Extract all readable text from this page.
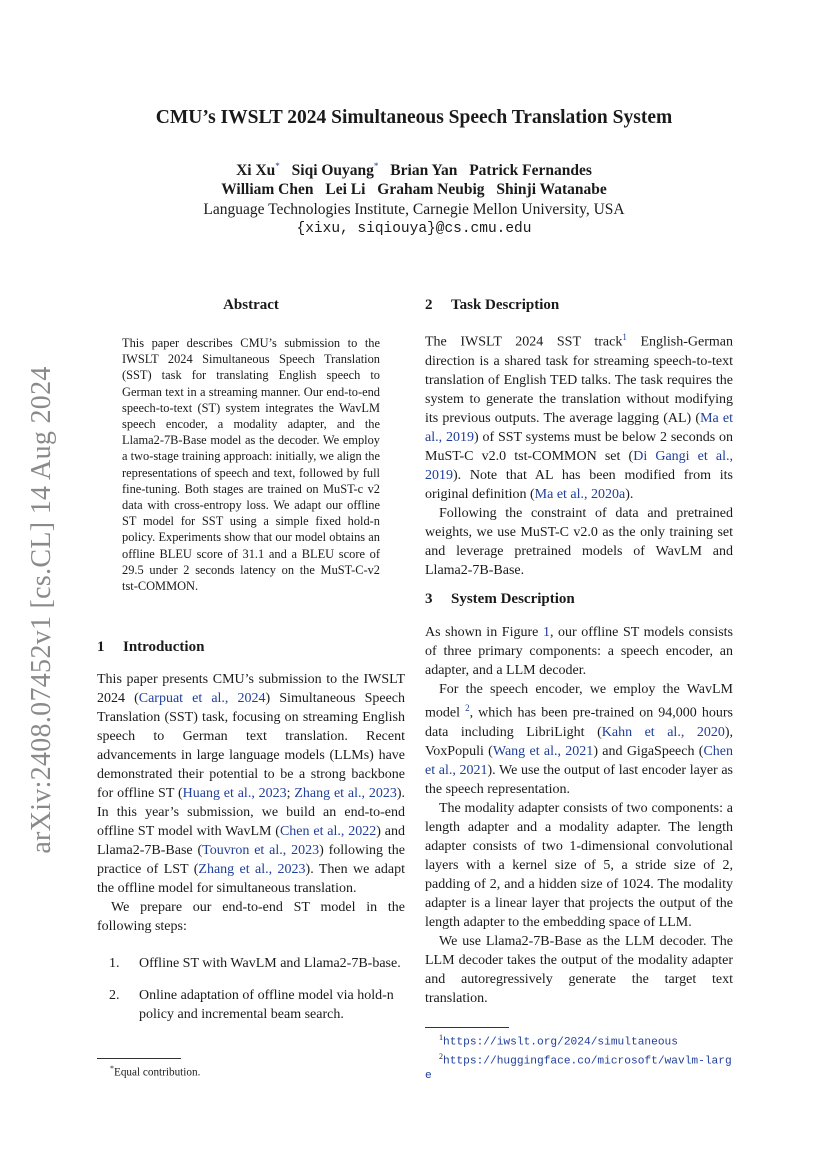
arXiv:2408.07452v1 [cs.CL] 14 Aug 2024
CMU’s IWSLT 2024 Simultaneous Speech Translation System
Xi Xu* Siqi Ouyang* Brian Yan Patrick Fernandes
William Chen Lei Li Graham Neubig Shinji Watanabe
Language Technologies Institute, Carnegie Mellon University, USA
{xixu, siqiouya}@cs.cmu.edu
Abstract
This paper describes CMU’s submission to the IWSLT 2024 Simultaneous Speech Translation (SST) task for translating English speech to German text in a streaming manner. Our end-to-end speech-to-text (ST) system integrates the WavLM speech encoder, a modality adapter, and the Llama2-7B-Base model as the decoder. We employ a two-stage training approach: initially, we align the representations of speech and text, followed by full fine-tuning. Both stages are trained on MuST-c v2 data with cross-entropy loss. We adapt our offline ST model for SST using a simple fixed hold-n policy. Experiments show that our model obtains an offline BLEU score of 31.1 and a BLEU score of 29.5 under 2 seconds latency on the MuST-C-v2 tst-COMMON.
1 Introduction

This paper presents CMU’s submission to the IWSLT 2024 (Carpuat et al., 2024) Simultaneous Speech Translation (SST) task, focusing on streaming English speech to German text translation. Recent advancements in large language models (LLMs) have demonstrated their potential to be a strong backbone for offline ST (Huang et al., 2023; Zhang et al., 2023). In this year’s submission, we build an end-to-end offline ST model with WavLM (Chen et al., 2022) and Llama2-7B-Base (Touvron et al., 2023) following the practice of LST (Zhang et al., 2023). Then we adapt the offline model for simultaneous translation.

We prepare our end-to-end ST model in the following steps:

1.	Offline ST with WavLM and Llama2-7B-base.
2.	Online adaptation of offline model via hold-n policy and incremental beam search.
*Equal contribution.
2 Task Description

The IWSLT 2024 SST track$^1$ English-German direction is a shared task for streaming speech-to-text translation of English TED talks. The task requires the system to generate the translation without modifying its previous outputs. The average lagging (AL) (Ma et al., 2019) of SST systems must be below 2 seconds on MuST-C v2.0 tst-COMMON set (Di Gangi et al., 2019). Note that AL has been modified from its original definition (Ma et al., 2020a).

Following the constraint of data and pretrained weights, we use MuST-C v2.0 as the only training set and leverage pretrained models of WavLM and Llama2-7B-Base.

3 System Description

As shown in Figure 1, our offline ST models consists of three primary components: a speech encoder, an adapter, and a LLM decoder.

For the speech encoder, we employ the WavLM model $^2$, which has been pre-trained on 94,000 hours data including LibriLight (Kahn et al., 2020), VoxPopuli (Wang et al., 2021) and GigaSpeech (Chen et al., 2021). We use the output of last encoder layer as the speech representation.

The modality adapter consists of two components: a length adapter and a modality adapter. The length adapter consists of two 1-dimensional convolutional layers with a kernel size of 5, a stride size of 2, padding of 2, and a hidden size of 1024. The modality adapter is a linear layer that projects the output of the length adapter to the embedding space of LLM.

We use Llama2-7B-Base as the LLM decoder. The LLM decoder takes the output of the modality adapter and autoregressively generate the target text translation.

$^1$https://iwslt.org/2024/simultaneous
$^2$https://huggingface.co/microsoft/wavlm-large
